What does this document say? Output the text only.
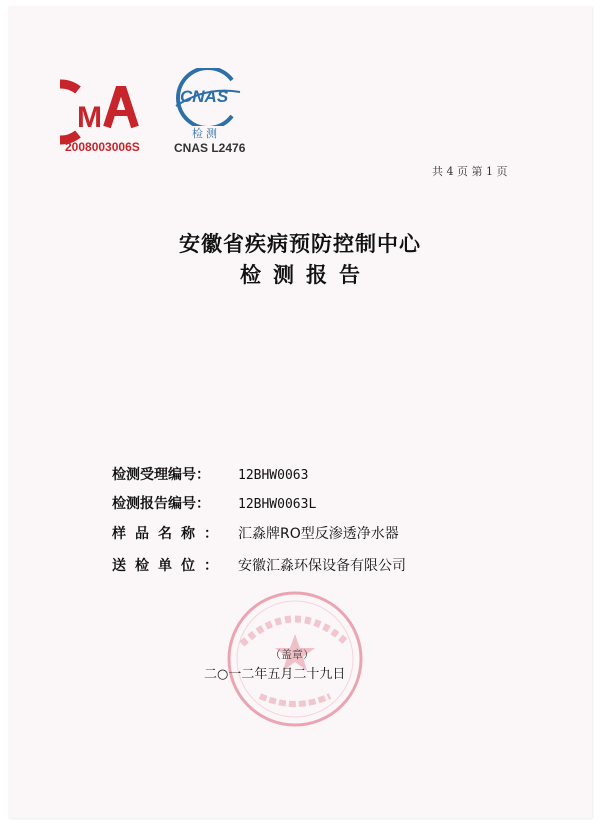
M
2008003006S
CNAS
检测
CNAS L2476
共 4 页 第 1 页
安徽省疾病预防控制中心
检测报告
检测受理编号： 12BHW0063
检测报告编号： 12BHW0063L
样品名称： 汇淼牌RO型反渗透净水器
送检单位： 安徽汇淼环保设备有限公司
（盖章）
二○一二年五月二十九日
